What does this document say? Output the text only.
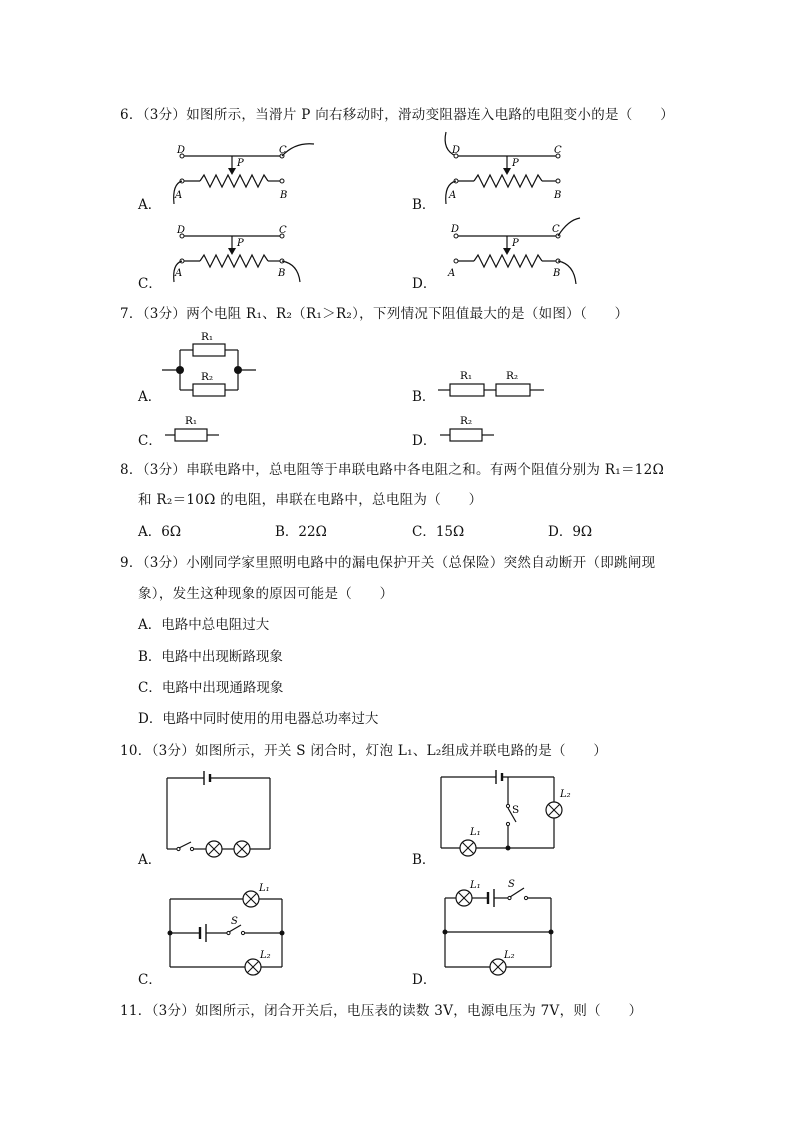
6．（3分）如图所示，当滑片 P 向右移动时，滑动变阻器连入电路的电阻变小的是（　　）
A．	B．
C．	D．
D	C
P
A	B
D	C
P
A	B
D	C
P
A	B
D	C
P
A	B
7．（3分）两个电阻 R₁、R₂（R₁＞R₂），下列情况下阻值最大的是（如图）（　　）
A．	B．
C．	D．
R₁
R₂	R₁	R₂
R₁	R₂
8．（3分）串联电路中，总电阻等于串联电路中各电阻之和。有两个阻值分别为 R₁＝12Ω
和 R₂＝10Ω 的电阻，串联在电路中，总电阻为（　　）
A．6Ω	B．22Ω	C．15Ω	D．9Ω
9．（3分）小刚同学家里照明电路中的漏电保护开关（总保险）突然自动断开（即跳闸现
象），发生这种现象的原因可能是（　　）
A．电路中总电阻过大
B．电路中出现断路现象
C．电路中出现通路现象
D．电路中同时使用的用电器总功率过大
10．（3分）如图所示，开关 S 闭合时，灯泡 L₁、L₂组成并联电路的是（　　）
A．	B．
C．	D．
S
L₁
L₂
L₁
S
L₂
L₁	S
L₂
11．（3分）如图所示，闭合开关后，电压表的读数 3V，电源电压为 7V，则（　　）
